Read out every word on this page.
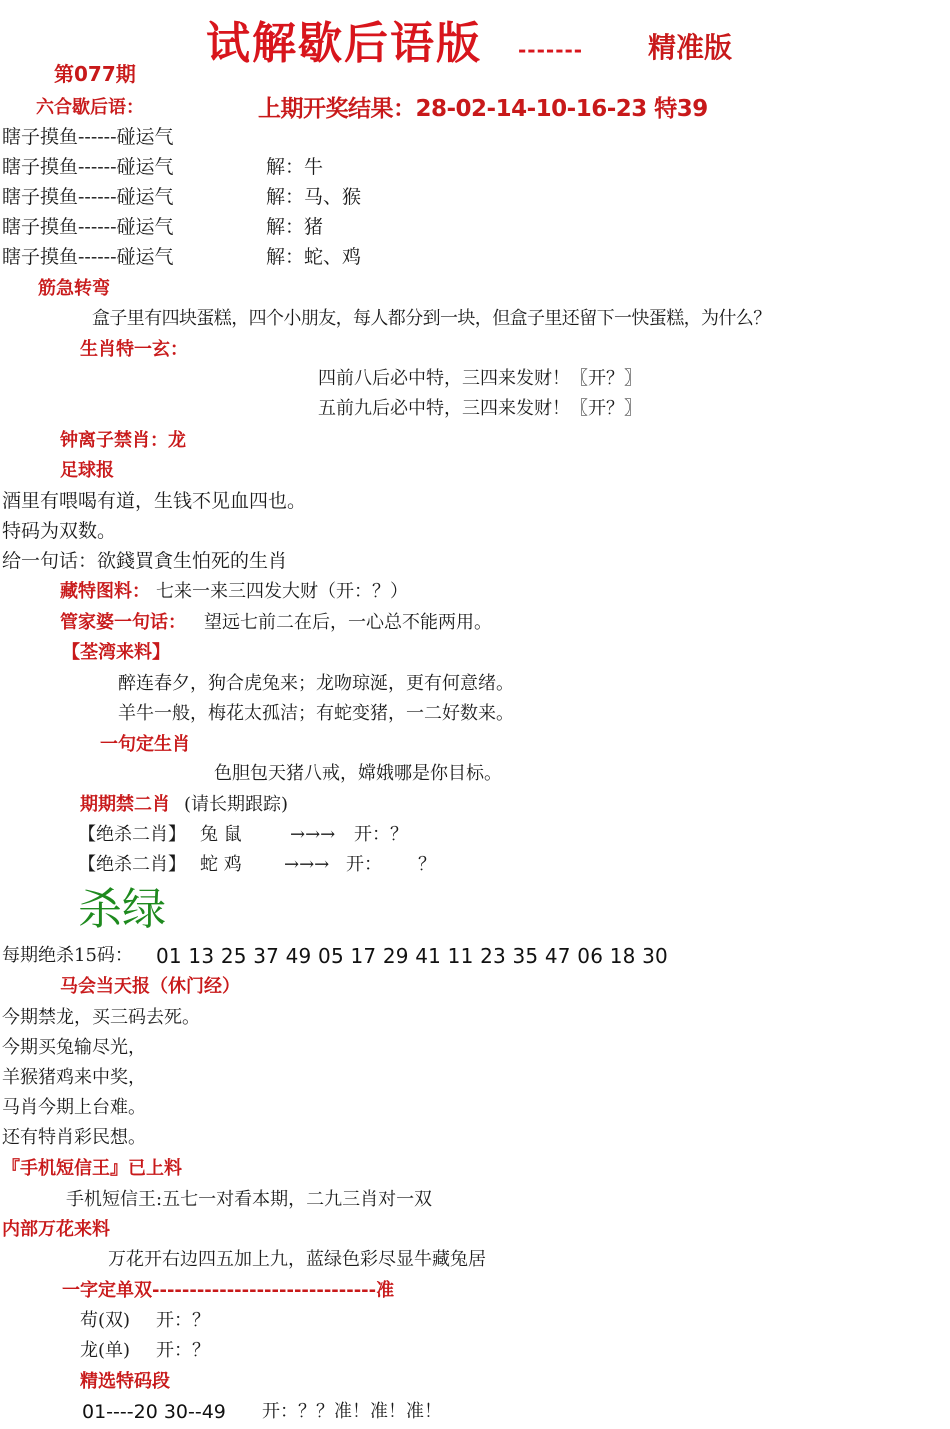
试解歇后语版 ------- 精准版
第077期
上期开奖结果：28-02-14-10-16-23 特39
六合歇后语：
瞎子摸鱼------碰运气
瞎子摸鱼------碰运气	解：牛
瞎子摸鱼------碰运气	解：马、猴
瞎子摸鱼------碰运气	解：猪
瞎子摸鱼------碰运气	解：蛇、鸡
筋急转弯
盒子里有四块蛋糕，四个小朋友，每人都分到一块，但盒子里还留下一快蛋糕，为什么？
生肖特一玄：
四前八后必中特，三四来发财！〖开？〗
五前九后必中特，三四来发财！〖开？〗
钟离子禁肖：龙
足球报
酒里有喂喝有道，生钱不见血四也。
特码为双数。
给一句话：欲錢買貪生怕死的生肖
藏特图料： 七来一来三四发大财（开：？）
管家婆一句话： 望远七前二在后，一心总不能两用。
【荃湾来料】
醉连春夕，狗合虎兔来；龙吻琼涎，更有何意绪。
羊牛一般，梅花太孤洁；有蛇变猪，一二好数来。
一句定生肖
色胆包天猪八戒，嫦娥哪是你目标。
期期禁二肖 (请长期跟踪)
【绝杀二肖】 兔 鼠	→→→ 开：？
【绝杀二肖】 蛇 鸡 →→→ 开： ？
杀绿
每期绝杀15码： 01 13 25 37 49 05 17 29 41 11 23 35 47 06 18 30
马会当天报（休门经）
今期禁龙，买三码去死。
今期买兔输尽光，
羊猴猪鸡来中奖，
马肖今期上台难。
还有特肖彩民想。
『手机短信王』已上料
手机短信王:五七一对看本期，二九三肖对一双
内部万花来料
万花开右边四五加上九，蓝绿色彩尽显牛藏兔居
一字定单双------------------------------准
苟(双) 开：？
龙(单) 开：？
精选特码段
01----20 30--49 开：？？准！准！准！
